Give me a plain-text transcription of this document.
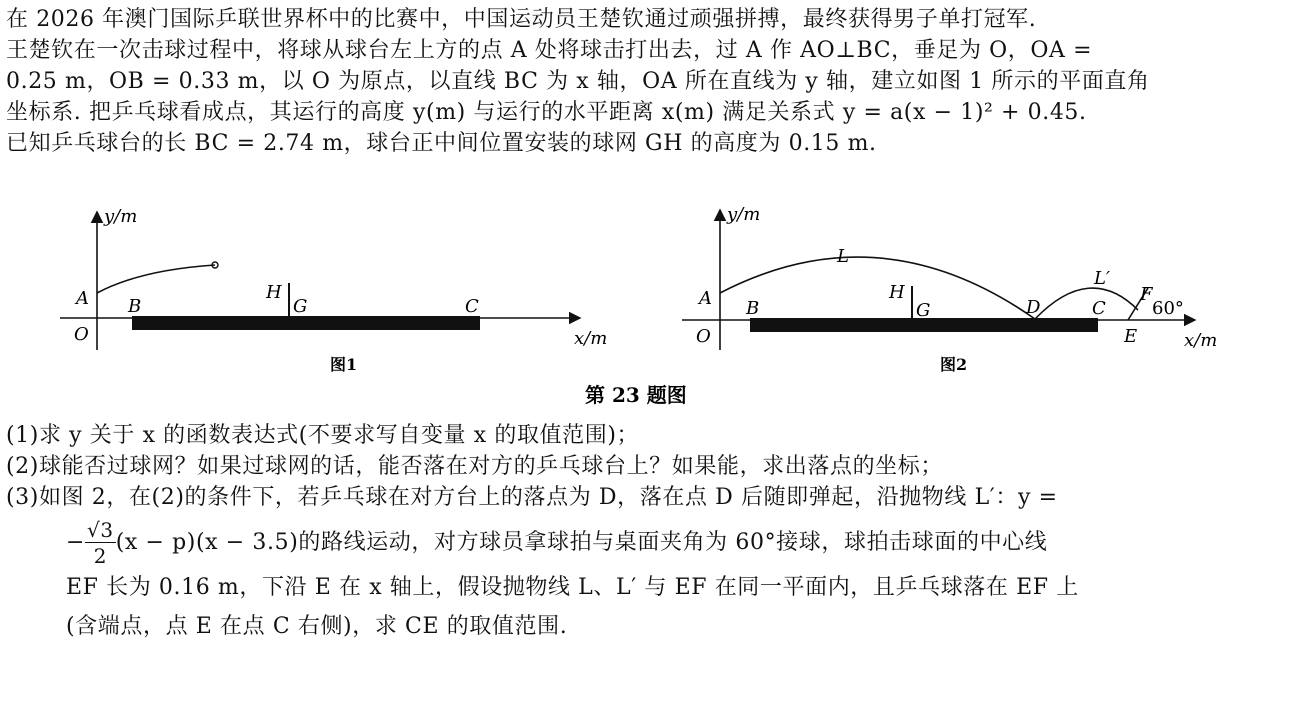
在 2026 年澳门国际乒联世界杯中的比赛中，中国运动员王楚钦通过顽强拼搏，最终获得男子单打冠军.
王楚钦在一次击球过程中，将球从球台左上方的点 A 处将球击打出去，过 A 作 AO⊥BC，垂足为 O，OA =
0.25 m，OB = 0.33 m，以 O 为原点，以直线 BC 为 x 轴，OA 所在直线为 y 轴，建立如图 1 所示的平面直角
坐标系. 把乒乓球看成点，其运行的高度 y(m) 与运行的水平距离 x(m) 满足关系式 y = a(x − 1)² + 0.45.
已知乒乓球台的长 BC = 2.74 m，球台正中间位置安装的球网 GH 的高度为 0.15 m.
y/m
x/m
A B
O
H
G	C
图1
y/m
x/m
A B
O
H
G
L
L′
D	C
F
60°
E
图2
第 23 题图
(1)求 y 关于 x 的函数表达式(不要求写自变量 x 的取值范围)；
(2)球能否过球网？如果过球网的话，能否落在对方的乒乓球台上？如果能，求出落点的坐标；
(3)如图 2，在(2)的条件下，若乒乓球在对方台上的落点为 D，落在点 D 后随即弹起，沿抛物线 L′：y =
− $\frac{√3}{2} (x - p)(x - 3.5)$的路线运动，对方球员拿球拍与桌面夹角为 60°接球，球拍击球面的中心线
EF 长为 0.16 m，下沿 E 在 x 轴上，假设抛物线 L、L′ 与 EF 在同一平面内，且乒乓球落在 EF 上
(含端点，点 E 在点 C 右侧)，求 CE 的取值范围.
